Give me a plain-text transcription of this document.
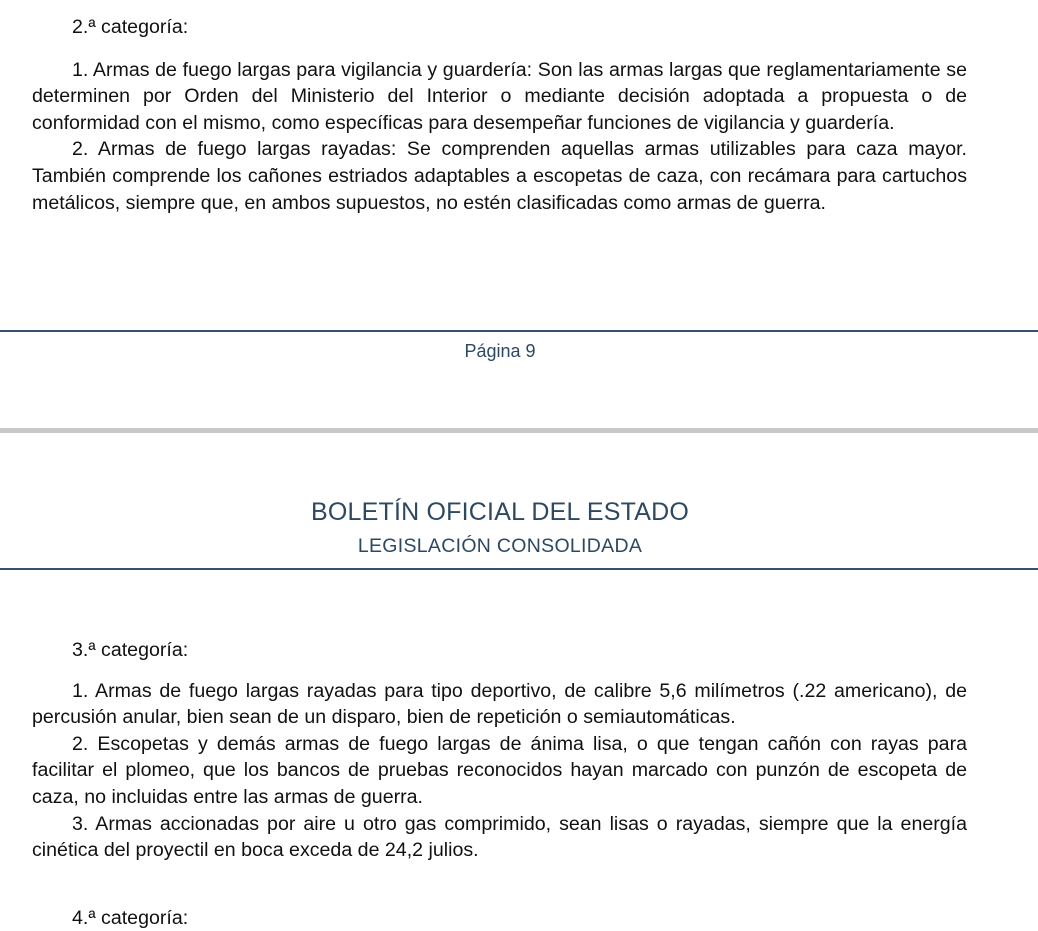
2.ª categoría:

1. Armas de fuego largas para vigilancia y guardería: Son las armas largas que reglamentariamente se determinen por Orden del Ministerio del Interior o mediante decisión adoptada a propuesta o de conformidad con el mismo, como específicas para desempeñar funciones de vigilancia y guardería.

2. Armas de fuego largas rayadas: Se comprenden aquellas armas utilizables para caza mayor. También comprende los cañones estriados adaptables a escopetas de caza, con recámara para cartuchos metálicos, siempre que, en ambos supuestos, no estén clasificadas como armas de guerra.

Página 9
BOLETÍN OFICIAL DEL ESTADO
LEGISLACIÓN CONSOLIDADA

3.ª categoría:

1. Armas de fuego largas rayadas para tipo deportivo, de calibre 5,6 milímetros (.22 americano), de percusión anular, bien sean de un disparo, bien de repetición o semiautomáticas.

2. Escopetas y demás armas de fuego largas de ánima lisa, o que tengan cañón con rayas para facilitar el plomeo, que los bancos de pruebas reconocidos hayan marcado con punzón de escopeta de caza, no incluidas entre las armas de guerra.

3. Armas accionadas por aire u otro gas comprimido, sean lisas o rayadas, siempre que la energía cinética del proyectil en boca exceda de 24,2 julios.

4.ª categoría:
